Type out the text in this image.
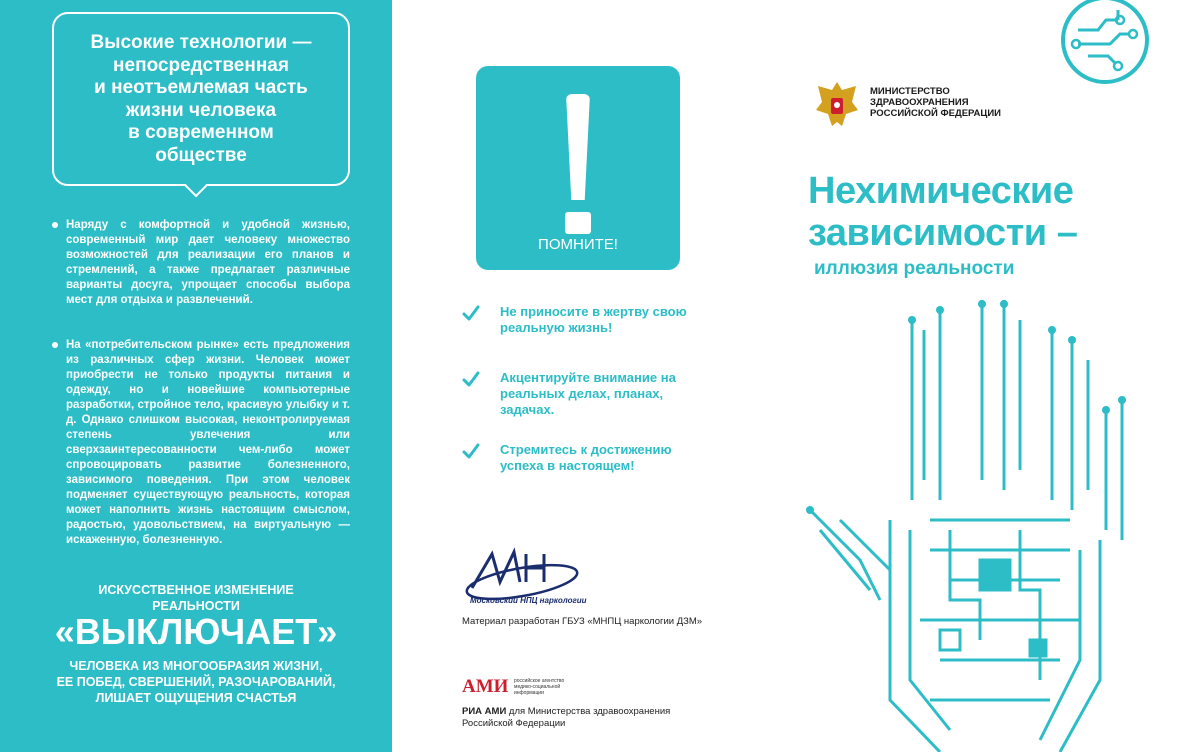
Высокие технологии —
непосредственная
и неотъемлемая часть
жизни человека
в современном
обществе
Наряду с комфортной и удобной жизнью, современный мир дает человеку множество возможностей для реализации его планов и стремлений, а также предлагает различные варианты досуга, упрощает способы выбора мест для отдыха и развлечений.
На «потребительском рынке» есть предложения из различных сфер жизни. Человек может приобрести не только продукты питания и одежду, но и новейшие компьютерные разработки, стройное тело, красивую улыбку и т. д. Однако слишком высокая, неконтролируемая степень увлечения или сверхзаинтересованности чем-либо может спровоцировать развитие болезненного, зависимого поведения. При этом человек подменяет существующую реальность, которая может наполнить жизнь настоящим смыслом, радостью, удовольствием, на виртуальную — искаженную, болезненную.
ИСКУССТВЕННОЕ ИЗМЕНЕНИЕ
РЕАЛЬНОСТИ
«ВЫКЛЮЧАЕТ»
ЧЕЛОВЕКА ИЗ МНОГООБРАЗИЯ ЖИЗНИ,
ЕЕ ПОБЕД, СВЕРШЕНИЙ, РАЗОЧАРОВАНИЙ,
ЛИШАЕТ ОЩУЩЕНИЯ СЧАСТЬЯ
ПОМНИТЕ!
Не приносите в жертву свою
реальную жизнь!
Акцентируйте внимание на
реальных делах, планах,
задачах.
Стремитесь к достижению
успеха в настоящем!
Московский НПЦ наркологии
Материал разработан ГБУЗ «МНПЦ наркологии ДЗМ»
АМИ российское агентство медико-социальной информации
РИА АМИ для Министерства здравоохранения
Российской Федерации
МИНИСТЕРСТВО
ЗДРАВООХРАНЕНИЯ
РОССИЙСКОЙ ФЕДЕРАЦИИ
Нехимические
зависимости –
иллюзия реальности
